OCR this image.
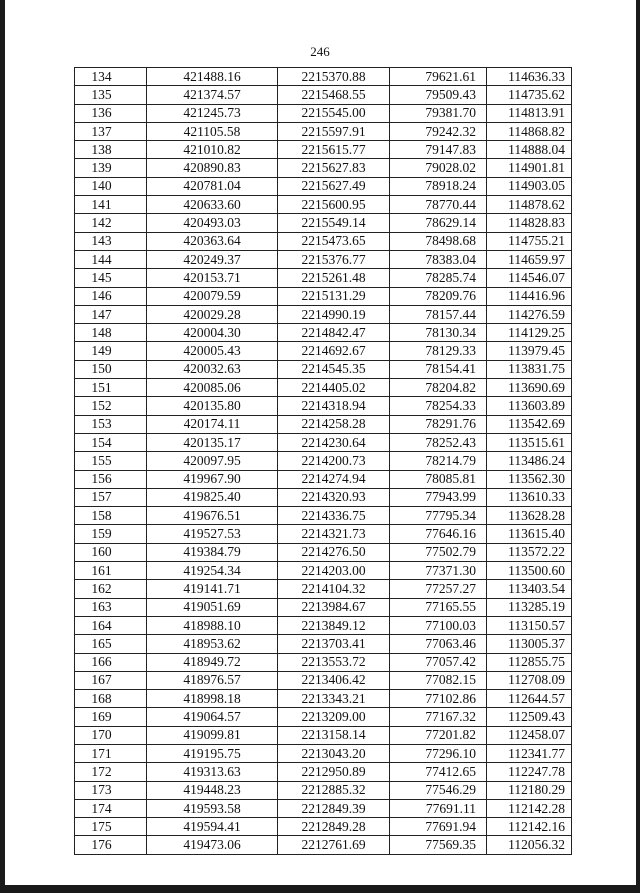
246
134	421488.16	2215370.88	79621.61	114636.33
135	421374.57	2215468.55	79509.43	114735.62
136	421245.73	2215545.00	79381.70	114813.91
137	421105.58	2215597.91	79242.32	114868.82
138	421010.82	2215615.77	79147.83	114888.04
139	420890.83	2215627.83	79028.02	114901.81
140	420781.04	2215627.49	78918.24	114903.05
141	420633.60	2215600.95	78770.44	114878.62
142	420493.03	2215549.14	78629.14	114828.83
143	420363.64	2215473.65	78498.68	114755.21
144	420249.37	2215376.77	78383.04	114659.97
145	420153.71	2215261.48	78285.74	114546.07
146	420079.59	2215131.29	78209.76	114416.96
147	420029.28	2214990.19	78157.44	114276.59
148	420004.30	2214842.47	78130.34	114129.25
149	420005.43	2214692.67	78129.33	113979.45
150	420032.63	2214545.35	78154.41	113831.75
151	420085.06	2214405.02	78204.82	113690.69
152	420135.80	2214318.94	78254.33	113603.89
153	420174.11	2214258.28	78291.76	113542.69
154	420135.17	2214230.64	78252.43	113515.61
155	420097.95	2214200.73	78214.79	113486.24
156	419967.90	2214274.94	78085.81	113562.30
157	419825.40	2214320.93	77943.99	113610.33
158	419676.51	2214336.75	77795.34	113628.28
159	419527.53	2214321.73	77646.16	113615.40
160	419384.79	2214276.50	77502.79	113572.22
161	419254.34	2214203.00	77371.30	113500.60
162	419141.71	2214104.32	77257.27	113403.54
163	419051.69	2213984.67	77165.55	113285.19
164	418988.10	2213849.12	77100.03	113150.57
165	418953.62	2213703.41	77063.46	113005.37
166	418949.72	2213553.72	77057.42	112855.75
167	418976.57	2213406.42	77082.15	112708.09
168	418998.18	2213343.21	77102.86	112644.57
169	419064.57	2213209.00	77167.32	112509.43
170	419099.81	2213158.14	77201.82	112458.07
171	419195.75	2213043.20	77296.10	112341.77
172	419313.63	2212950.89	77412.65	112247.78
173	419448.23	2212885.32	77546.29	112180.29
174	419593.58	2212849.39	77691.11	112142.28
175	419594.41	2212849.28	77691.94	112142.16
176	419473.06	2212761.69	77569.35	112056.32
